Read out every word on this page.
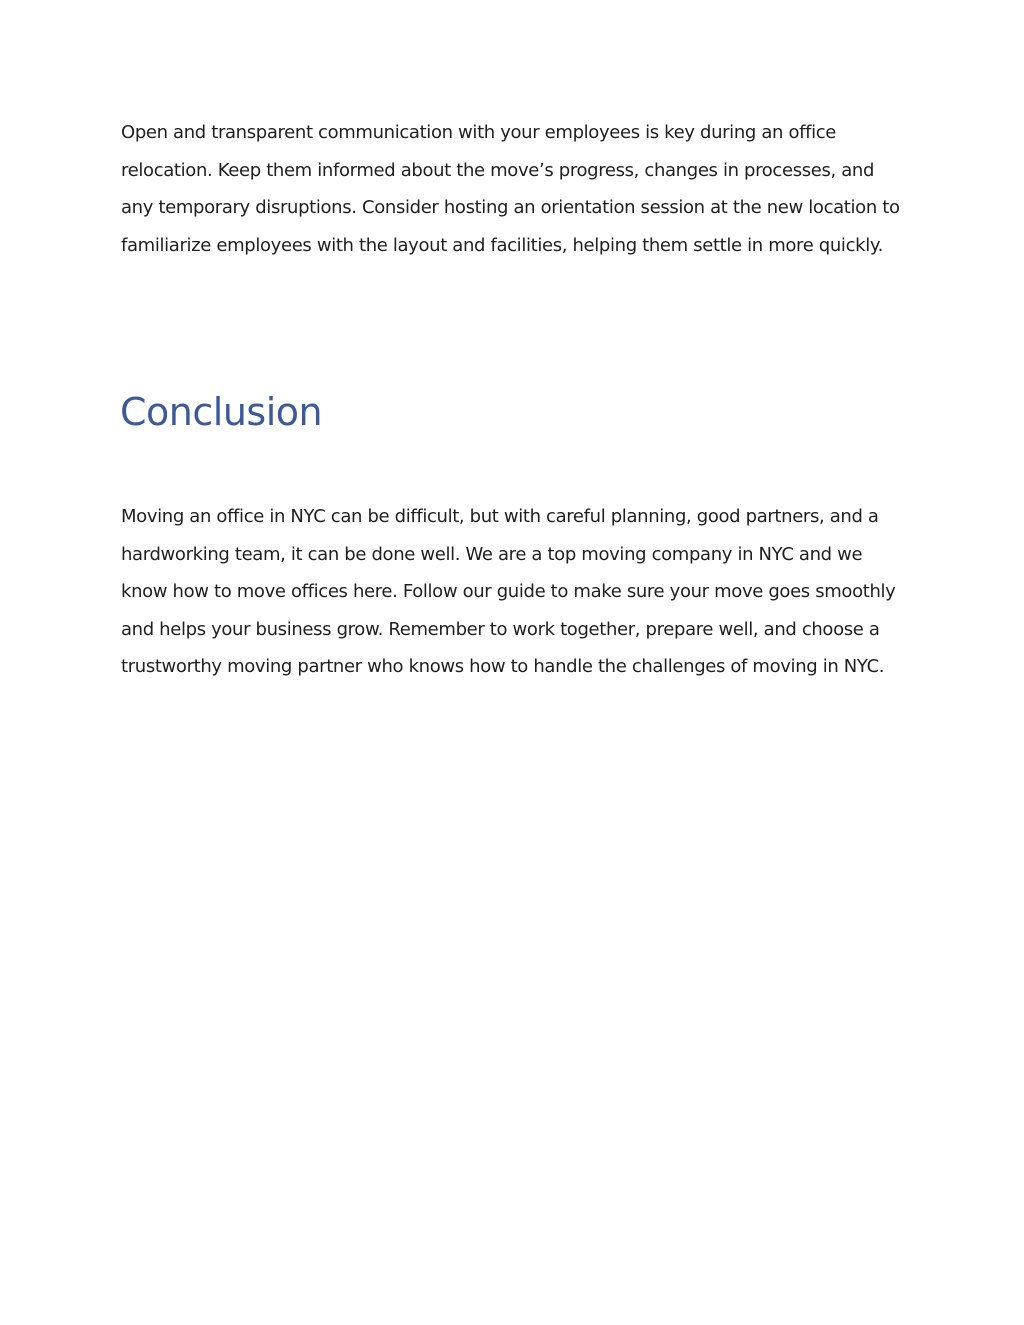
Open and transparent communication with your employees is key during an office relocation. Keep them informed about the move’s progress, changes in processes, and any temporary disruptions. Consider hosting an orientation session at the new location to familiarize employees with the layout and facilities, helping them settle in more quickly.

Conclusion

Moving an office in NYC can be difficult, but with careful planning, good partners, and a hardworking team, it can be done well. We are a top moving company in NYC and we know how to move offices here. Follow our guide to make sure your move goes smoothly and helps your business grow. Remember to work together, prepare well, and choose a trustworthy moving partner who knows how to handle the challenges of moving in NYC.
